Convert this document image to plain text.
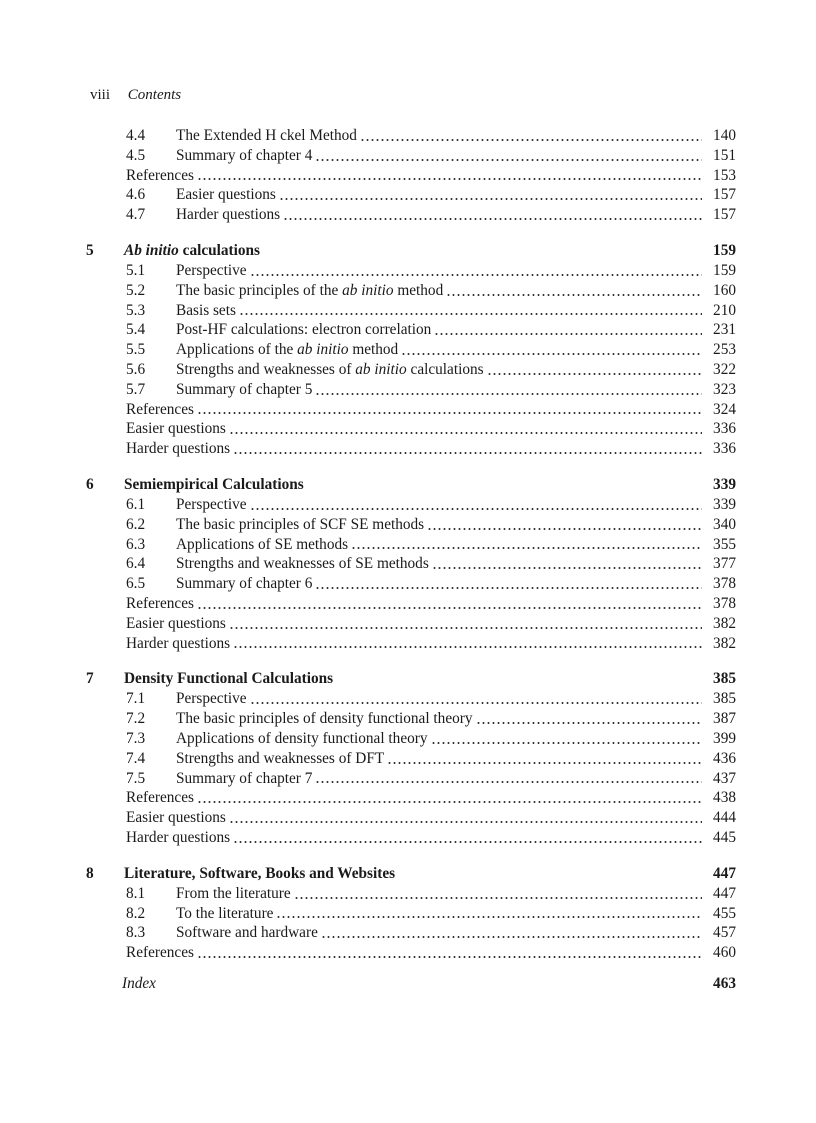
viii Contents
4.4	The Extended H ckel Method	140
4.5	Summary of chapter 4	151
References	153
4.6	Easier questions	157
4.7	Harder questions	157
5	Ab initio calculations	159
5.1	Perspective	159
5.2	The basic principles of the ab initio method	160
5.3	Basis sets	210
5.4	Post-HF calculations: electron correlation	231
5.5	Applications of the ab initio method	253
5.6	Strengths and weaknesses of ab initio calculations	322
5.7	Summary of chapter 5	323
References	324
Easier questions	336
Harder questions	336
6	Semiempirical Calculations	339
6.1	Perspective	339
6.2	The basic principles of SCF SE methods	340
6.3	Applications of SE methods	355
6.4	Strengths and weaknesses of SE methods	377
6.5	Summary of chapter 6	378
References	378
Easier questions	382
Harder questions	382
7	Density Functional Calculations	385
7.1	Perspective	385
7.2	The basic principles of density functional theory	387
7.3	Applications of density functional theory	399
7.4	Strengths and weaknesses of DFT	436
7.5	Summary of chapter 7	437
References	438
Easier questions	444
Harder questions	445
8	Literature, Software, Books and Websites	447
8.1	From the literature	447
8.2	To the literature	455
8.3	Software and hardware	457
References	460
Index	463
